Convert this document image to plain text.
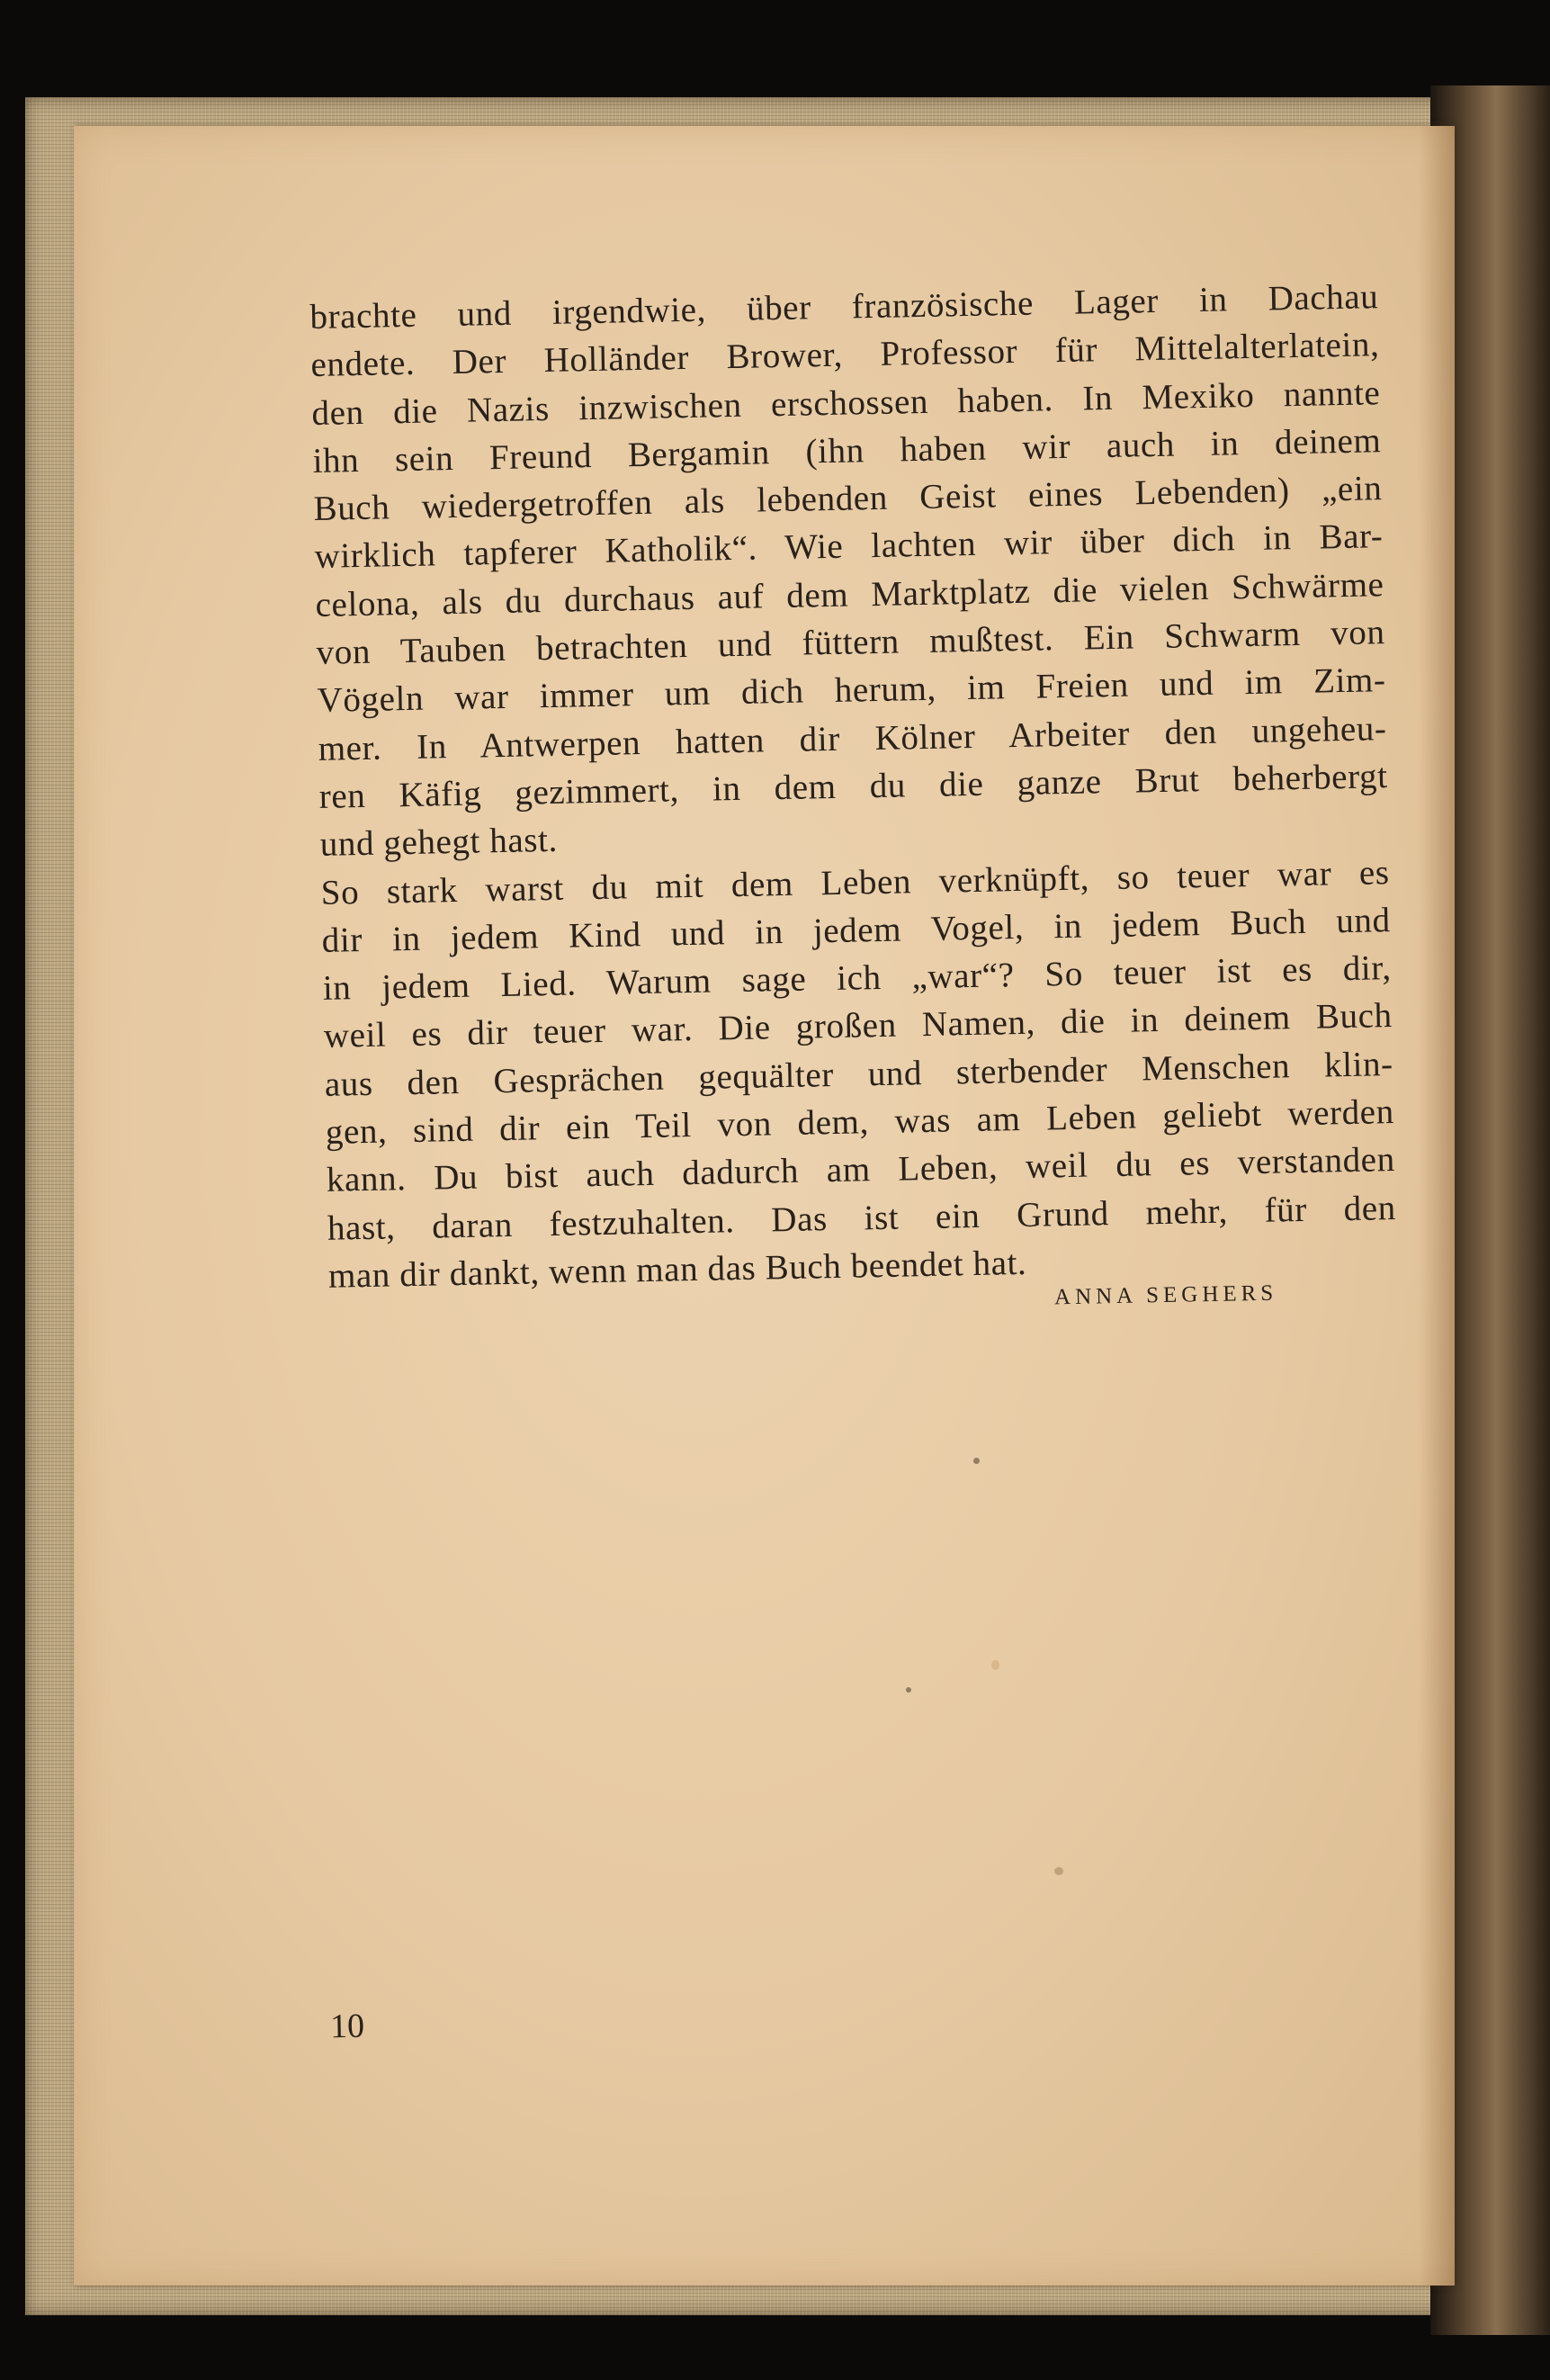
brachte und irgendwie, über französische Lager in Dachau
endete. Der Holländer Brower, Professor für Mittelalterlatein,
den die Nazis inzwischen erschossen haben. In Mexiko nannte
ihn sein Freund Bergamin (ihn haben wir auch in deinem
Buch wiedergetroffen als lebenden Geist eines Lebenden) „ein
wirklich tapferer Katholik“. Wie lachten wir über dich in Bar-
celona, als du durchaus auf dem Marktplatz die vielen Schwärme
von Tauben betrachten und füttern mußtest. Ein Schwarm von
Vögeln war immer um dich herum, im Freien und im Zim-
mer. In Antwerpen hatten dir Kölner Arbeiter den ungeheu-
ren Käfig gezimmert, in dem du die ganze Brut beherbergt
und gehegt hast.
So stark warst du mit dem Leben verknüpft, so teuer war es
dir in jedem Kind und in jedem Vogel, in jedem Buch und
in jedem Lied. Warum sage ich „war“? So teuer ist es dir,
weil es dir teuer war. Die großen Namen, die in deinem Buch
aus den Gesprächen gequälter und sterbender Menschen klin-
gen, sind dir ein Teil von dem, was am Leben geliebt werden
kann. Du bist auch dadurch am Leben, weil du es verstanden
hast, daran festzuhalten. Das ist ein Grund mehr, für den
man dir dankt, wenn man das Buch beendet hat.	ANNA SEGHERS
10
